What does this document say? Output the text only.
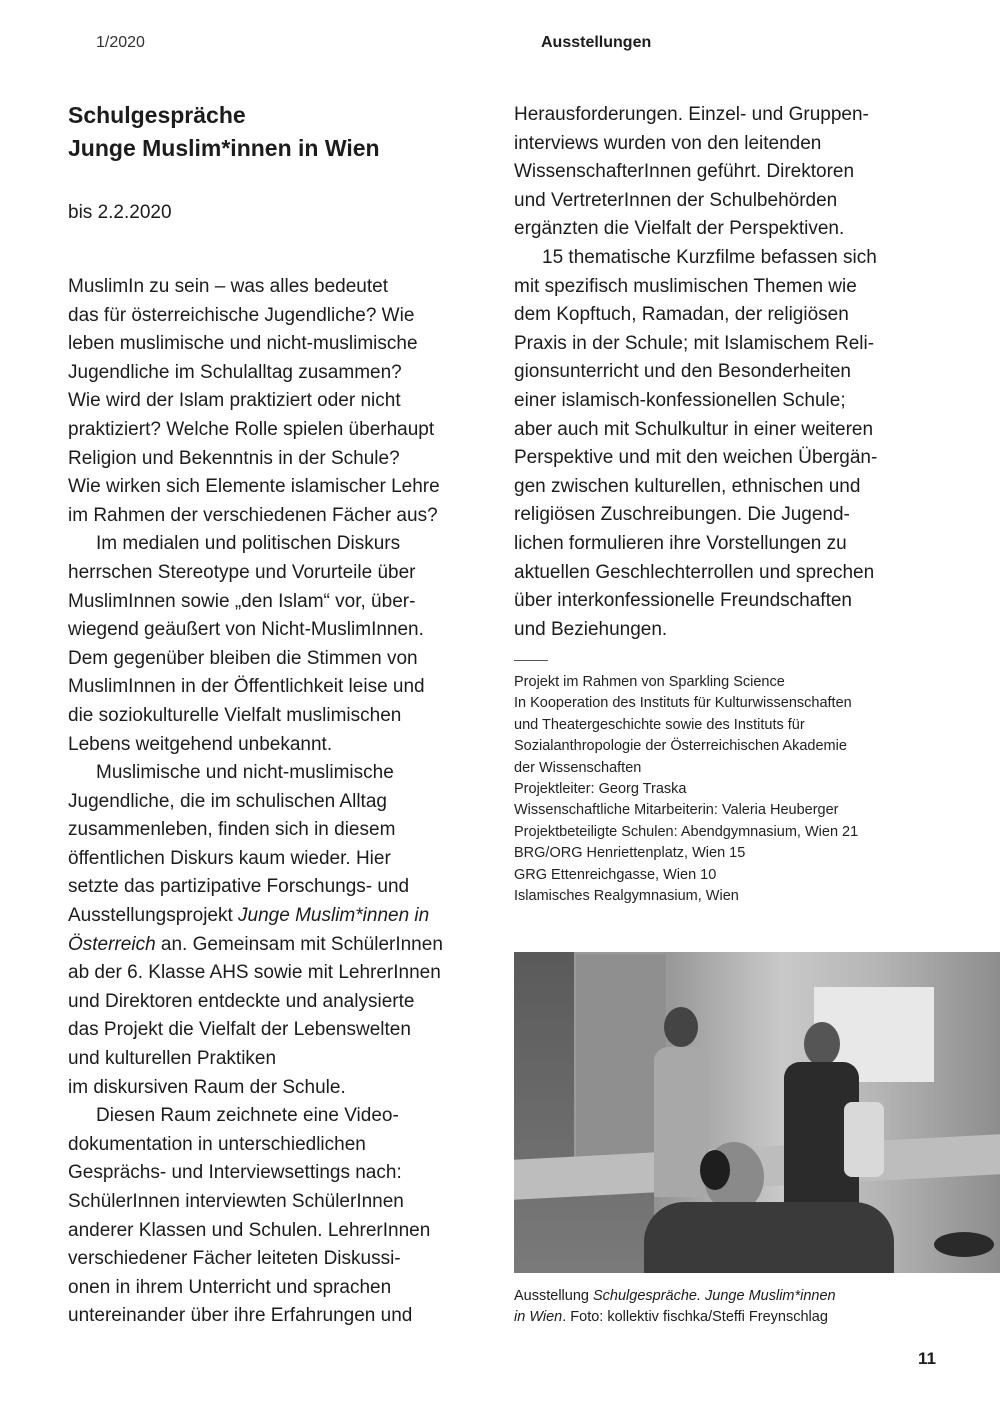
1/2020	Ausstellungen
Schulgespräche
Junge Muslim*innen in Wien
bis 2.2.2020
MuslimIn zu sein – was alles bedeutet
das für österreichische Jugendliche? Wie
leben muslimische und nicht-muslimische
Jugendliche im Schulalltag zusammen?
Wie wird der Islam praktiziert oder nicht
praktiziert? Welche Rolle spielen überhaupt
Religion und Bekenntnis in der Schule?
Wie wirken sich Elemente islamischer Lehre
im Rahmen der verschiedenen Fächer aus?
Im medialen und politischen Diskurs
herrschen Stereotype und Vorurteile über
MuslimInnen sowie „den Islam“ vor, über-
wiegend geäußert von Nicht-MuslimInnen.
Dem gegenüber bleiben die Stimmen von
MuslimInnen in der Öffentlichkeit leise und
die soziokulturelle Vielfalt muslimischen
Lebens weitgehend unbekannt.
Muslimische und nicht-muslimische
Jugendliche, die im schulischen Alltag
zusammenleben, finden sich in diesem
öffentlichen Diskurs kaum wieder. Hier
setzte das partizipative Forschungs- und
Ausstellungsprojekt Junge Muslim*innen in
Österreich an. Gemeinsam mit SchülerInnen
ab der 6. Klasse AHS sowie mit LehrerInnen
und Direktoren entdeckte und analysierte
das Projekt die Vielfalt der Lebenswelten
und kulturellen Praktiken
im diskursiven Raum der Schule.
Diesen Raum zeichnete eine Video-
dokumentation in unterschiedlichen
Gesprächs- und Interviewsettings nach:
SchülerInnen interviewten SchülerInnen
anderer Klassen und Schulen. LehrerInnen
verschiedener Fächer leiteten Diskussi-
onen in ihrem Unterricht und sprachen
untereinander über ihre Erfahrungen und
Herausforderungen. Einzel- und Gruppen-
interviews wurden von den leitenden
WissenschafterInnen geführt. Direktoren
und VertreterInnen der Schulbehörden
ergänzten die Vielfalt der Perspektiven.
15 thematische Kurzfilme befassen sich
mit spezifisch muslimischen Themen wie
dem Kopftuch, Ramadan, der religiösen
Praxis in der Schule; mit Islamischem Reli-
gionsunterricht und den Besonderheiten
einer islamisch-konfessionellen Schule;
aber auch mit Schulkultur in einer weiteren
Perspektive und mit den weichen Übergän-
gen zwischen kulturellen, ethnischen und
religiösen Zuschreibungen. Die Jugend-
lichen formulieren ihre Vorstellungen zu
aktuellen Geschlechterrollen und sprechen
über interkonfessionelle Freundschaften
und Beziehungen.
Projekt im Rahmen von Sparkling Science
In Kooperation des Instituts für Kulturwissenschaften
und Theatergeschichte sowie des Instituts für
Sozialanthropologie der Österreichischen Akademie
der Wissenschaften
Projektleiter: Georg Traska
Wissenschaftliche Mitarbeiterin: Valeria Heuberger
Projektbeteiligte Schulen: Abendgymnasium, Wien 21
BRG/ORG Henriettenplatz, Wien 15
GRG Ettenreichgasse, Wien 10
Islamisches Realgymnasium, Wien
Ausstellung Schulgespräche. Junge Muslim*innen
in Wien. Foto: kollektiv fischka/Steffi Freynschlag
11
